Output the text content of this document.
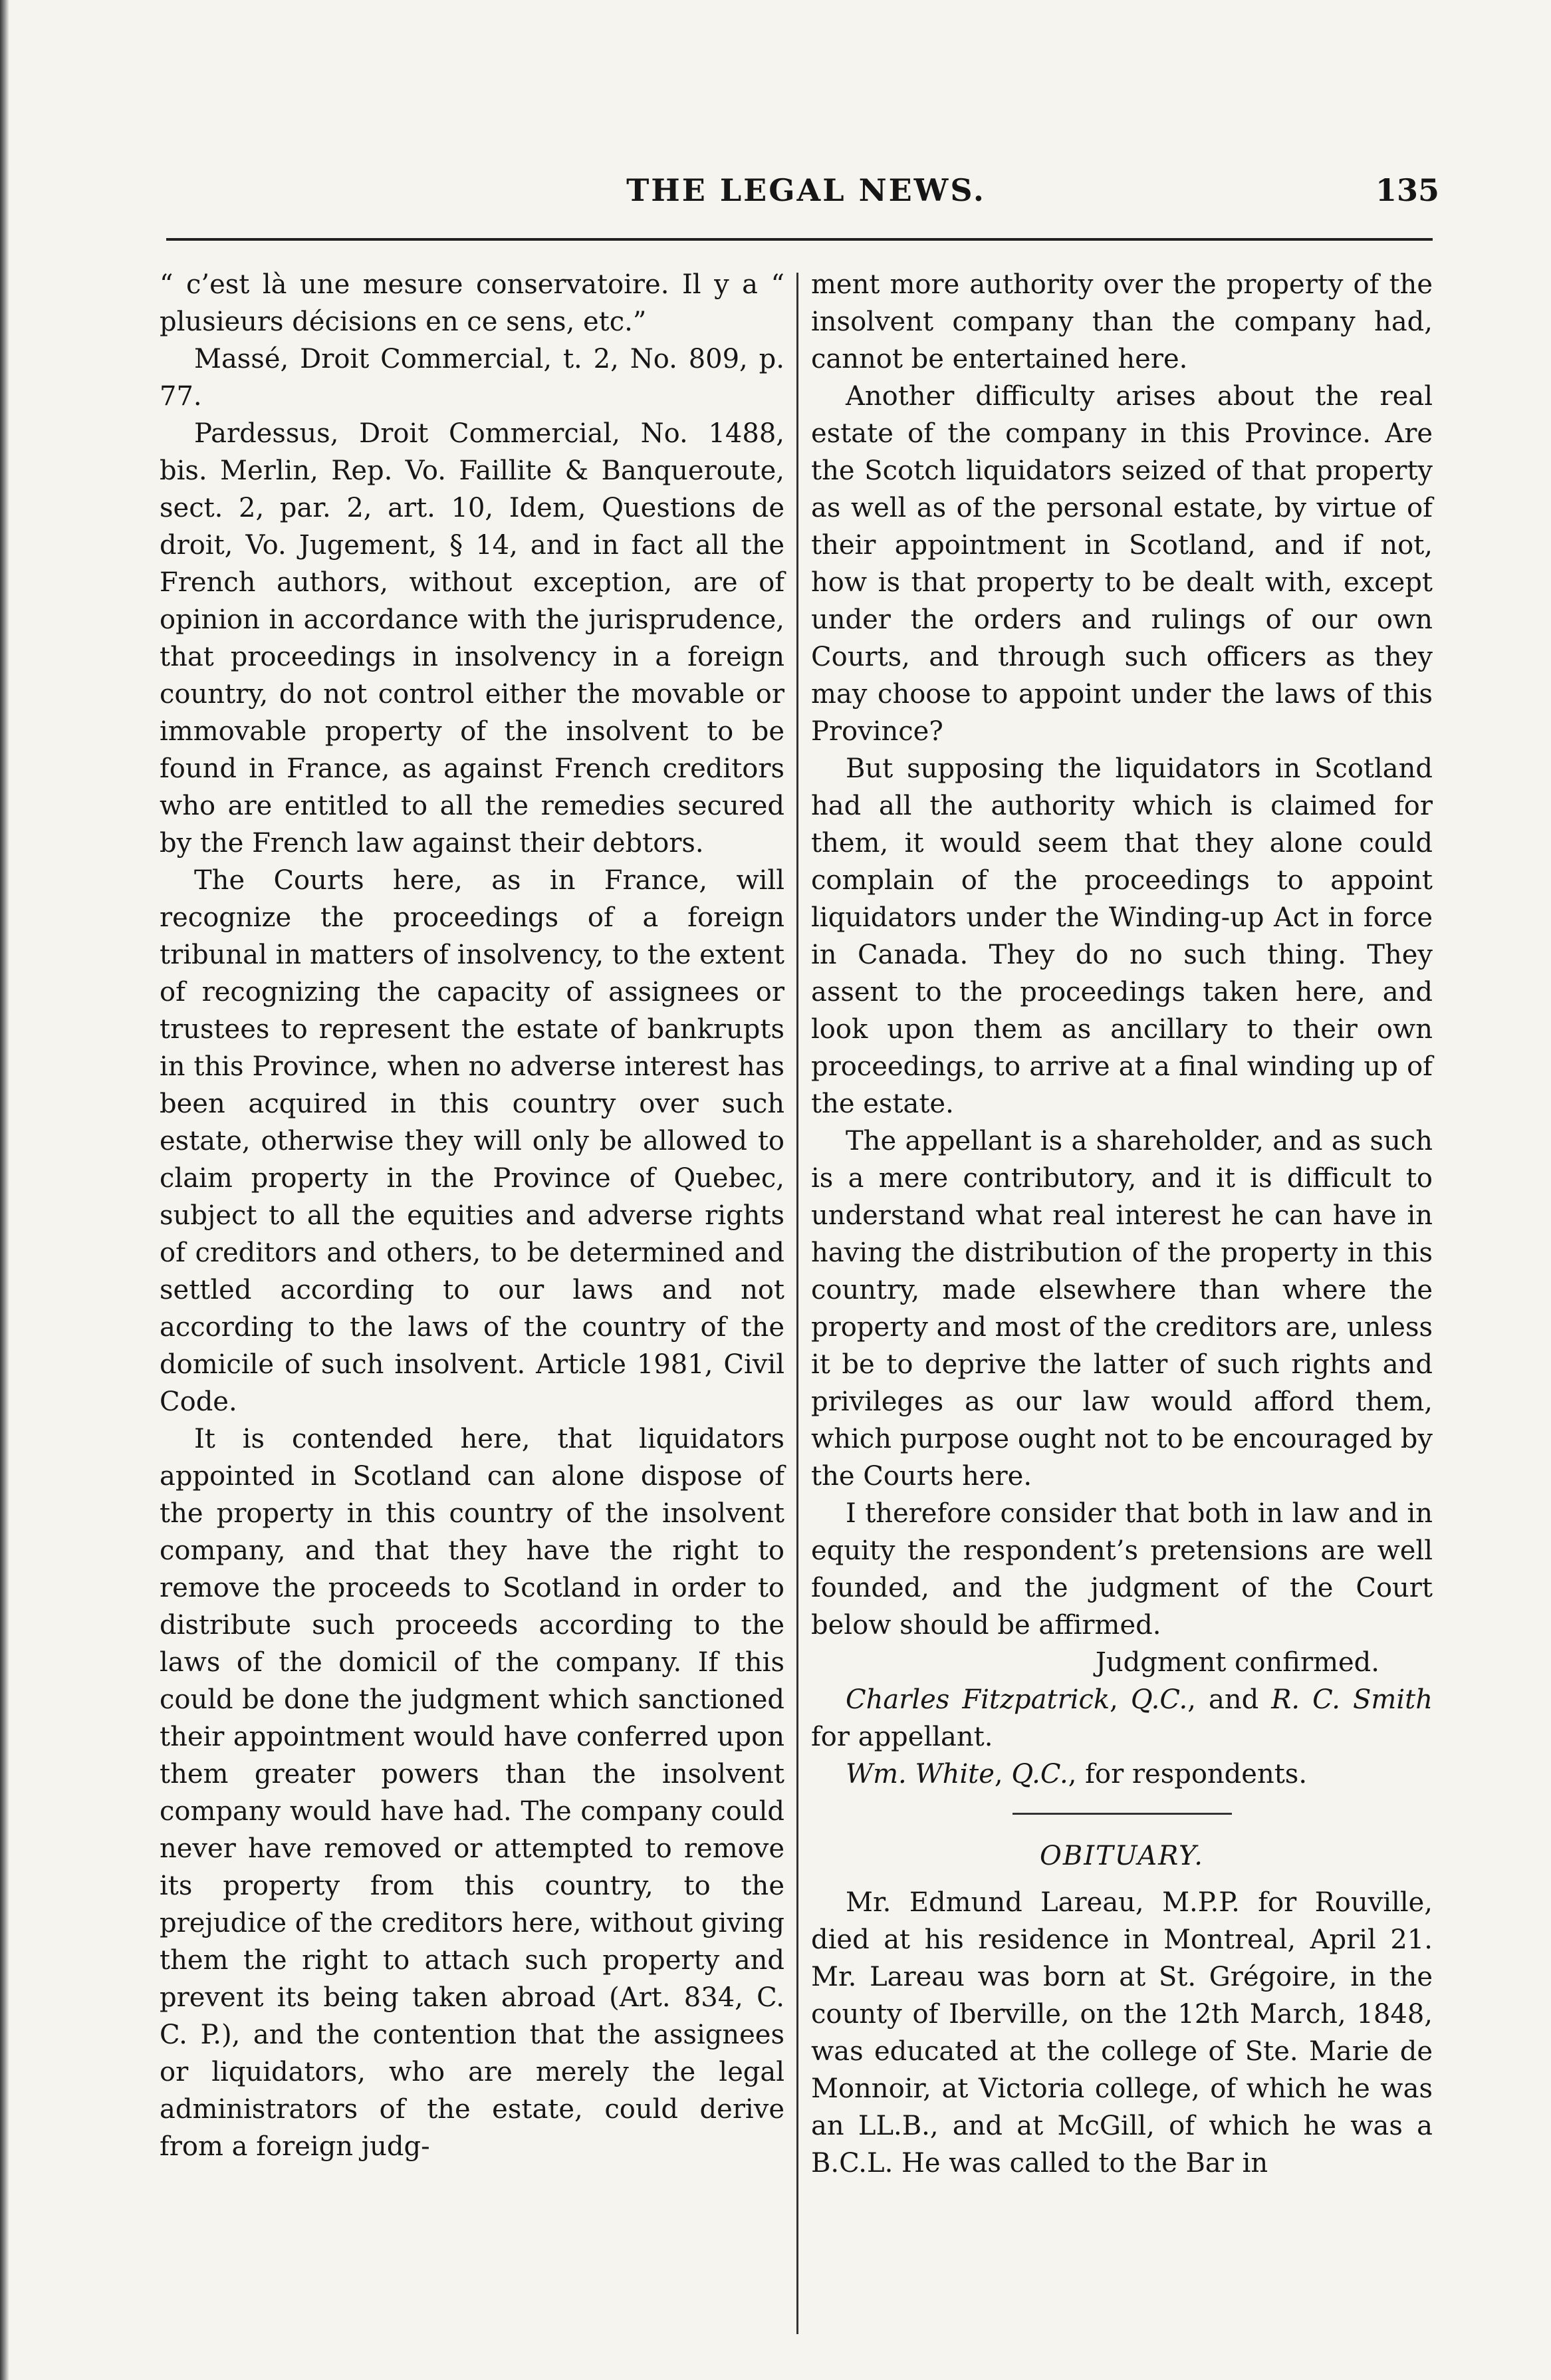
THE LEGAL NEWS.	135

“ c’est là une mesure conservatoire. Il y a “ plusieurs décisions en ce sens, etc.”

Massé, Droit Commercial, t. 2, No. 809, p. 77.

Pardessus, Droit Commercial, No. 1488, bis. Merlin, Rep. Vo. Faillite & Banqueroute, sect. 2, par. 2, art. 10, Idem, Questions de droit, Vo. Jugement, § 14, and in fact all the French authors, without exception, are of opinion in accordance with the jurisprudence, that proceedings in insolvency in a foreign country, do not control either the movable or immovable property of the insolvent to be found in France, as against French creditors who are entitled to all the remedies secured by the French law against their debtors.

The Courts here, as in France, will recognize the proceedings of a foreign tribunal in matters of insolvency, to the extent of recognizing the capacity of assignees or trustees to represent the estate of bankrupts in this Province, when no adverse interest has been acquired in this country over such estate, otherwise they will only be allowed to claim property in the Province of Quebec, subject to all the equities and adverse rights of creditors and others, to be determined and settled according to our laws and not according to the laws of the country of the domicile of such insolvent. Article 1981, Civil Code.

It is contended here, that liquidators appointed in Scotland can alone dispose of the property in this country of the insolvent company, and that they have the right to remove the proceeds to Scotland in order to distribute such proceeds according to the laws of the domicil of the company. If this could be done the judgment which sanctioned their appointment would have conferred upon them greater powers than the insolvent company would have had. The company could never have removed or attempted to remove its property from this country, to the prejudice of the creditors here, without giving them the right to attach such property and prevent its being taken abroad (Art. 834, C. C. P.), and the contention that the assignees or liquidators, who are merely the legal administrators of the estate, could derive from a foreign judg-

ment more authority over the property of the insolvent company than the company had, cannot be entertained here.

Another difficulty arises about the real estate of the company in this Province. Are the Scotch liquidators seized of that property as well as of the personal estate, by virtue of their appointment in Scotland, and if not, how is that property to be dealt with, except under the orders and rulings of our own Courts, and through such officers as they may choose to appoint under the laws of this Province?

But supposing the liquidators in Scotland had all the authority which is claimed for them, it would seem that they alone could complain of the proceedings to appoint liquidators under the Winding-up Act in force in Canada. They do no such thing. They assent to the proceedings taken here, and look upon them as ancillary to their own proceedings, to arrive at a final winding up of the estate.

The appellant is a shareholder, and as such is a mere contributory, and it is difficult to understand what real interest he can have in having the distribution of the property in this country, made elsewhere than where the property and most of the creditors are, unless it be to deprive the latter of such rights and privileges as our law would afford them, which purpose ought not to be encouraged by the Courts here.

I therefore consider that both in law and in equity the respondent’s pretensions are well founded, and the judgment of the Court below should be affirmed.

Judgment confirmed.

Charles Fitzpatrick, Q.C., and R. C. Smith for appellant.

Wm. White, Q.C., for respondents.

OBITUARY.

Mr. Edmund Lareau, M.P.P. for Rouville, died at his residence in Montreal, April 21. Mr. Lareau was born at St. Grégoire, in the county of Iberville, on the 12th March, 1848, was educated at the college of Ste. Marie de Monnoir, at Victoria college, of which he was an LL.B., and at McGill, of which he was a B.C.L. He was called to the Bar in
